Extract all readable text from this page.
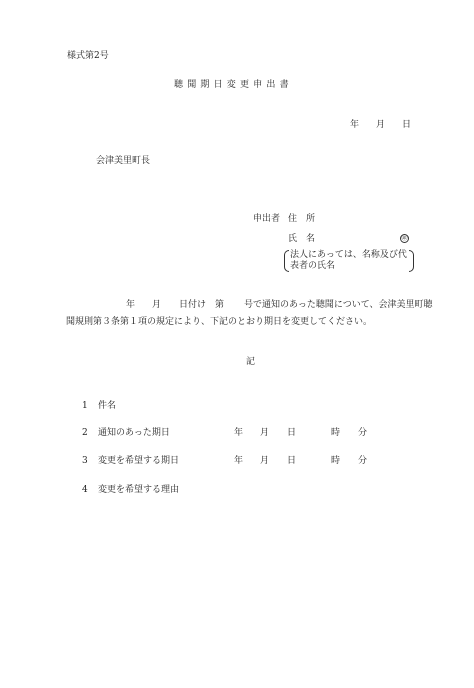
様式第2号
聴聞期日変更申出書
年 月 日
会津美里町長
申出者 住　所
氏　名	㊞
法人にあっては、名称及び代
表者の氏名
年 月 日付け　第 号で通知のあった聴聞について、会津美里町聴
聞規則第３条第１項の規定により、下記のとおり期日を変更してください。
記
1 件名
2 通知のあった期日	年 月 日	時 分
3 変更を希望する期日	年 月 日	時 分
4 変更を希望する理由
